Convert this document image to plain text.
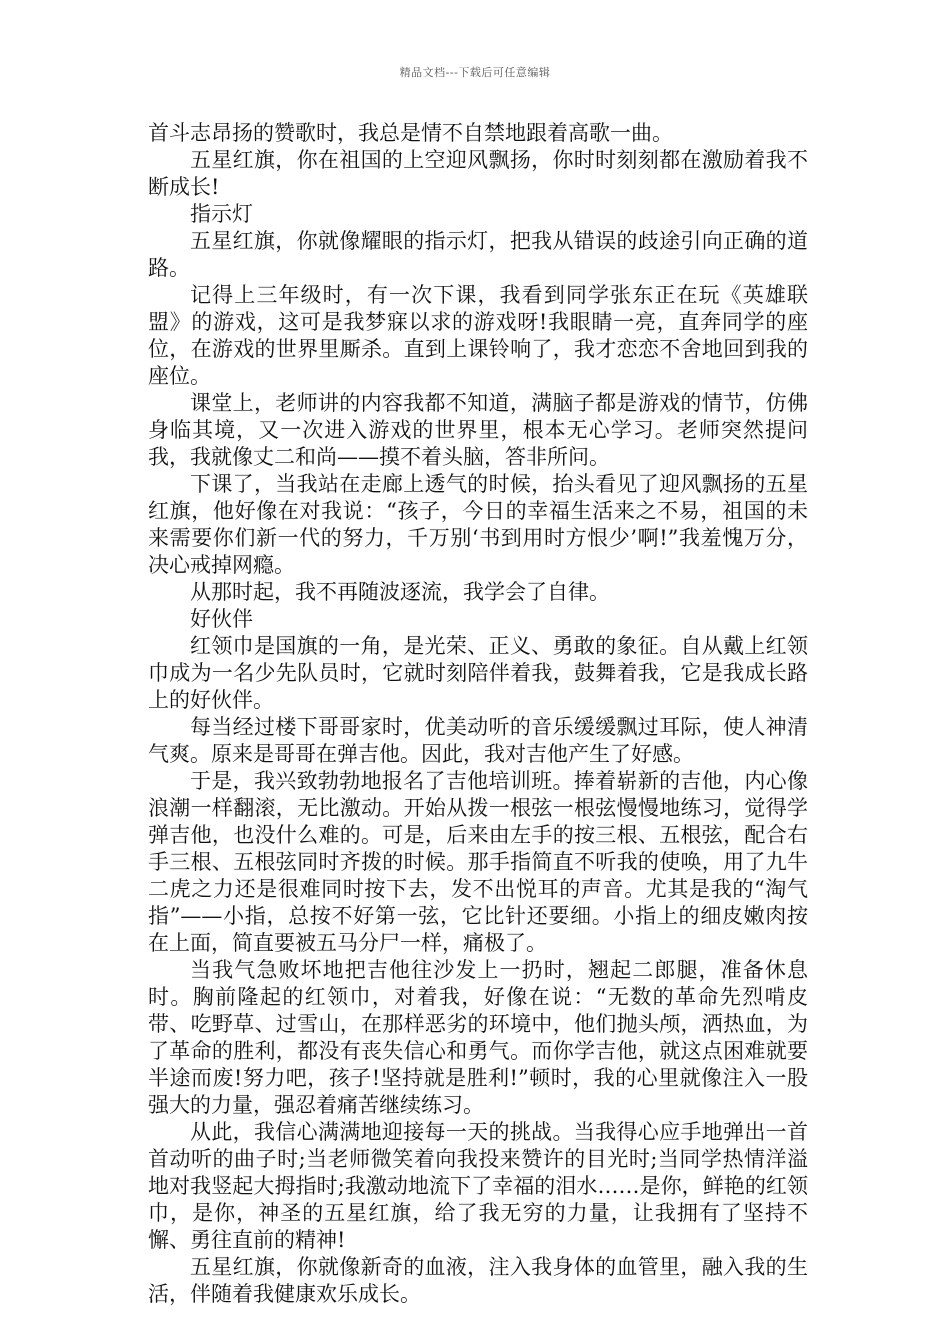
精品文档---下载后可任意编辑

首斗志昂扬的赞歌时，我总是情不自禁地跟着高歌一曲。

五星红旗，你在祖国的上空迎风飘扬，你时时刻刻都在激励着我不断成长!

指示灯

五星红旗，你就像耀眼的指示灯，把我从错误的歧途引向正确的道路。

记得上三年级时，有一次下课，我看到同学张东正在玩《英雄联盟》的游戏，这可是我梦寐以求的游戏呀!我眼睛一亮，直奔同学的座位，在游戏的世界里厮杀。直到上课铃响了，我才恋恋不舍地回到我的座位。

课堂上，老师讲的内容我都不知道，满脑子都是游戏的情节，仿佛身临其境，又一次进入游戏的世界里，根本无心学习。老师突然提问我，我就像丈二和尚——摸不着头脑，答非所问。

下课了，当我站在走廊上透气的时候，抬头看见了迎风飘扬的五星红旗，他好像在对我说：“孩子，今日的幸福生活来之不易，祖国的未来需要你们新一代的努力，千万别‘书到用时方恨少’啊!”我羞愧万分，决心戒掉网瘾。

从那时起，我不再随波逐流，我学会了自律。

好伙伴

红领巾是国旗的一角，是光荣、正义、勇敢的象征。自从戴上红领巾成为一名少先队员时，它就时刻陪伴着我，鼓舞着我，它是我成长路上的好伙伴。

每当经过楼下哥哥家时，优美动听的音乐缓缓飘过耳际，使人神清气爽。原来是哥哥在弹吉他。因此，我对吉他产生了好感。

于是，我兴致勃勃地报名了吉他培训班。捧着崭新的吉他，内心像浪潮一样翻滚，无比激动。开始从拨一根弦一根弦慢慢地练习，觉得学弹吉他，也没什么难的。可是，后来由左手的按三根、五根弦，配合右手三根、五根弦同时齐拨的时候。那手指简直不听我的使唤，用了九牛二虎之力还是很难同时按下去，发不出悦耳的声音。尤其是我的“淘气指”——小指，总按不好第一弦，它比针还要细。小指上的细皮嫩肉按在上面，简直要被五马分尸一样，痛极了。

当我气急败坏地把吉他往沙发上一扔时，翘起二郎腿，准备休息时。胸前隆起的红领巾，对着我，好像在说：“无数的革命先烈啃皮带、吃野草、过雪山，在那样恶劣的环境中，他们抛头颅，洒热血，为了革命的胜利，都没有丧失信心和勇气。而你学吉他，就这点困难就要半途而废!努力吧，孩子!坚持就是胜利!”顿时，我的心里就像注入一股强大的力量，强忍着痛苦继续练习。

从此，我信心满满地迎接每一天的挑战。当我得心应手地弹出一首首动听的曲子时;当老师微笑着向我投来赞许的目光时;当同学热情洋溢地对我竖起大拇指时;我激动地流下了幸福的泪水……是你，鲜艳的红领巾，是你，神圣的五星红旗，给了我无穷的力量，让我拥有了坚持不懈、勇往直前的精神!

五星红旗，你就像新奇的血液，注入我身体的血管里，融入我的生活，伴随着我健康欢乐成长。
